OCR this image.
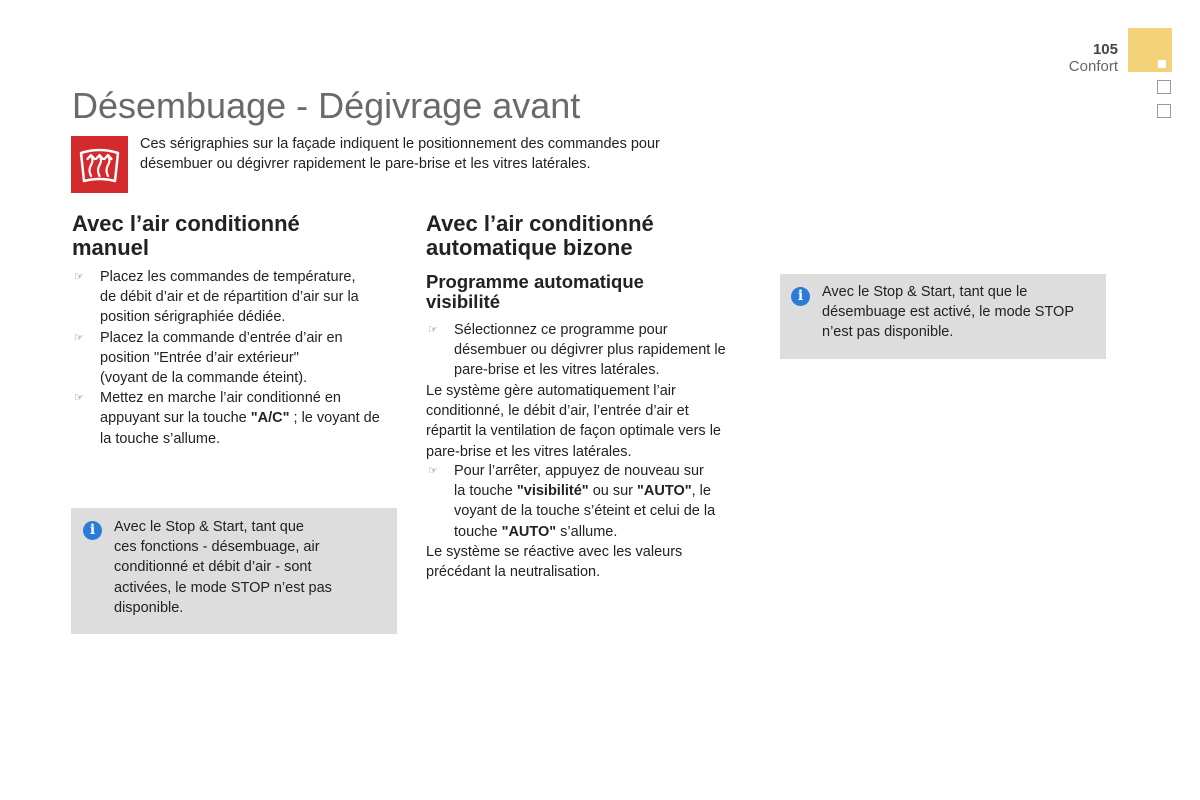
105
Confort
Désembuage - Dégivrage avant

Ces sérigraphies sur la façade indiquent le positionnement des commandes pour désembuer ou dégivrer rapidement le pare-brise et les vitres latérales.

Avec l’air conditionné
manuel
☞ Placez les commandes de température,
de débit d’air et de répartition d’air sur la
position sérigraphiée dédiée.
☞ Placez la commande d’entrée d’air en
position "Entrée d’air extérieur"
(voyant de la commande éteint).
☞ Mettez en marche l’air conditionné en
appuyant sur la touche "A/C" ; le voyant de
la touche s’allume.
i	Avec le Stop & Start, tant que
ces fonctions - désembuage, air
conditionné et débit d’air - sont
activées, le mode STOP n’est pas
disponible.
Avec l’air conditionné
automatique bizone
Programme automatique
visibilité
☞ Sélectionnez ce programme pour
désembuer ou dégivrer plus rapidement le
pare-brise et les vitres latérales.

Le système gère automatiquement l’air
conditionné, le débit d’air, l’entrée d’air et
répartit la ventilation de façon optimale vers le
pare-brise et les vitres latérales.

☞ Pour l’arrêter, appuyez de nouveau sur
la touche "visibilité" ou sur "AUTO", le
voyant de la touche s’éteint et celui de la
touche "AUTO" s’allume.

Le système se réactive avec les valeurs
précédant la neutralisation.

i	Avec le Stop & Start, tant que le
désembuage est activé, le mode STOP
n’est pas disponible.
